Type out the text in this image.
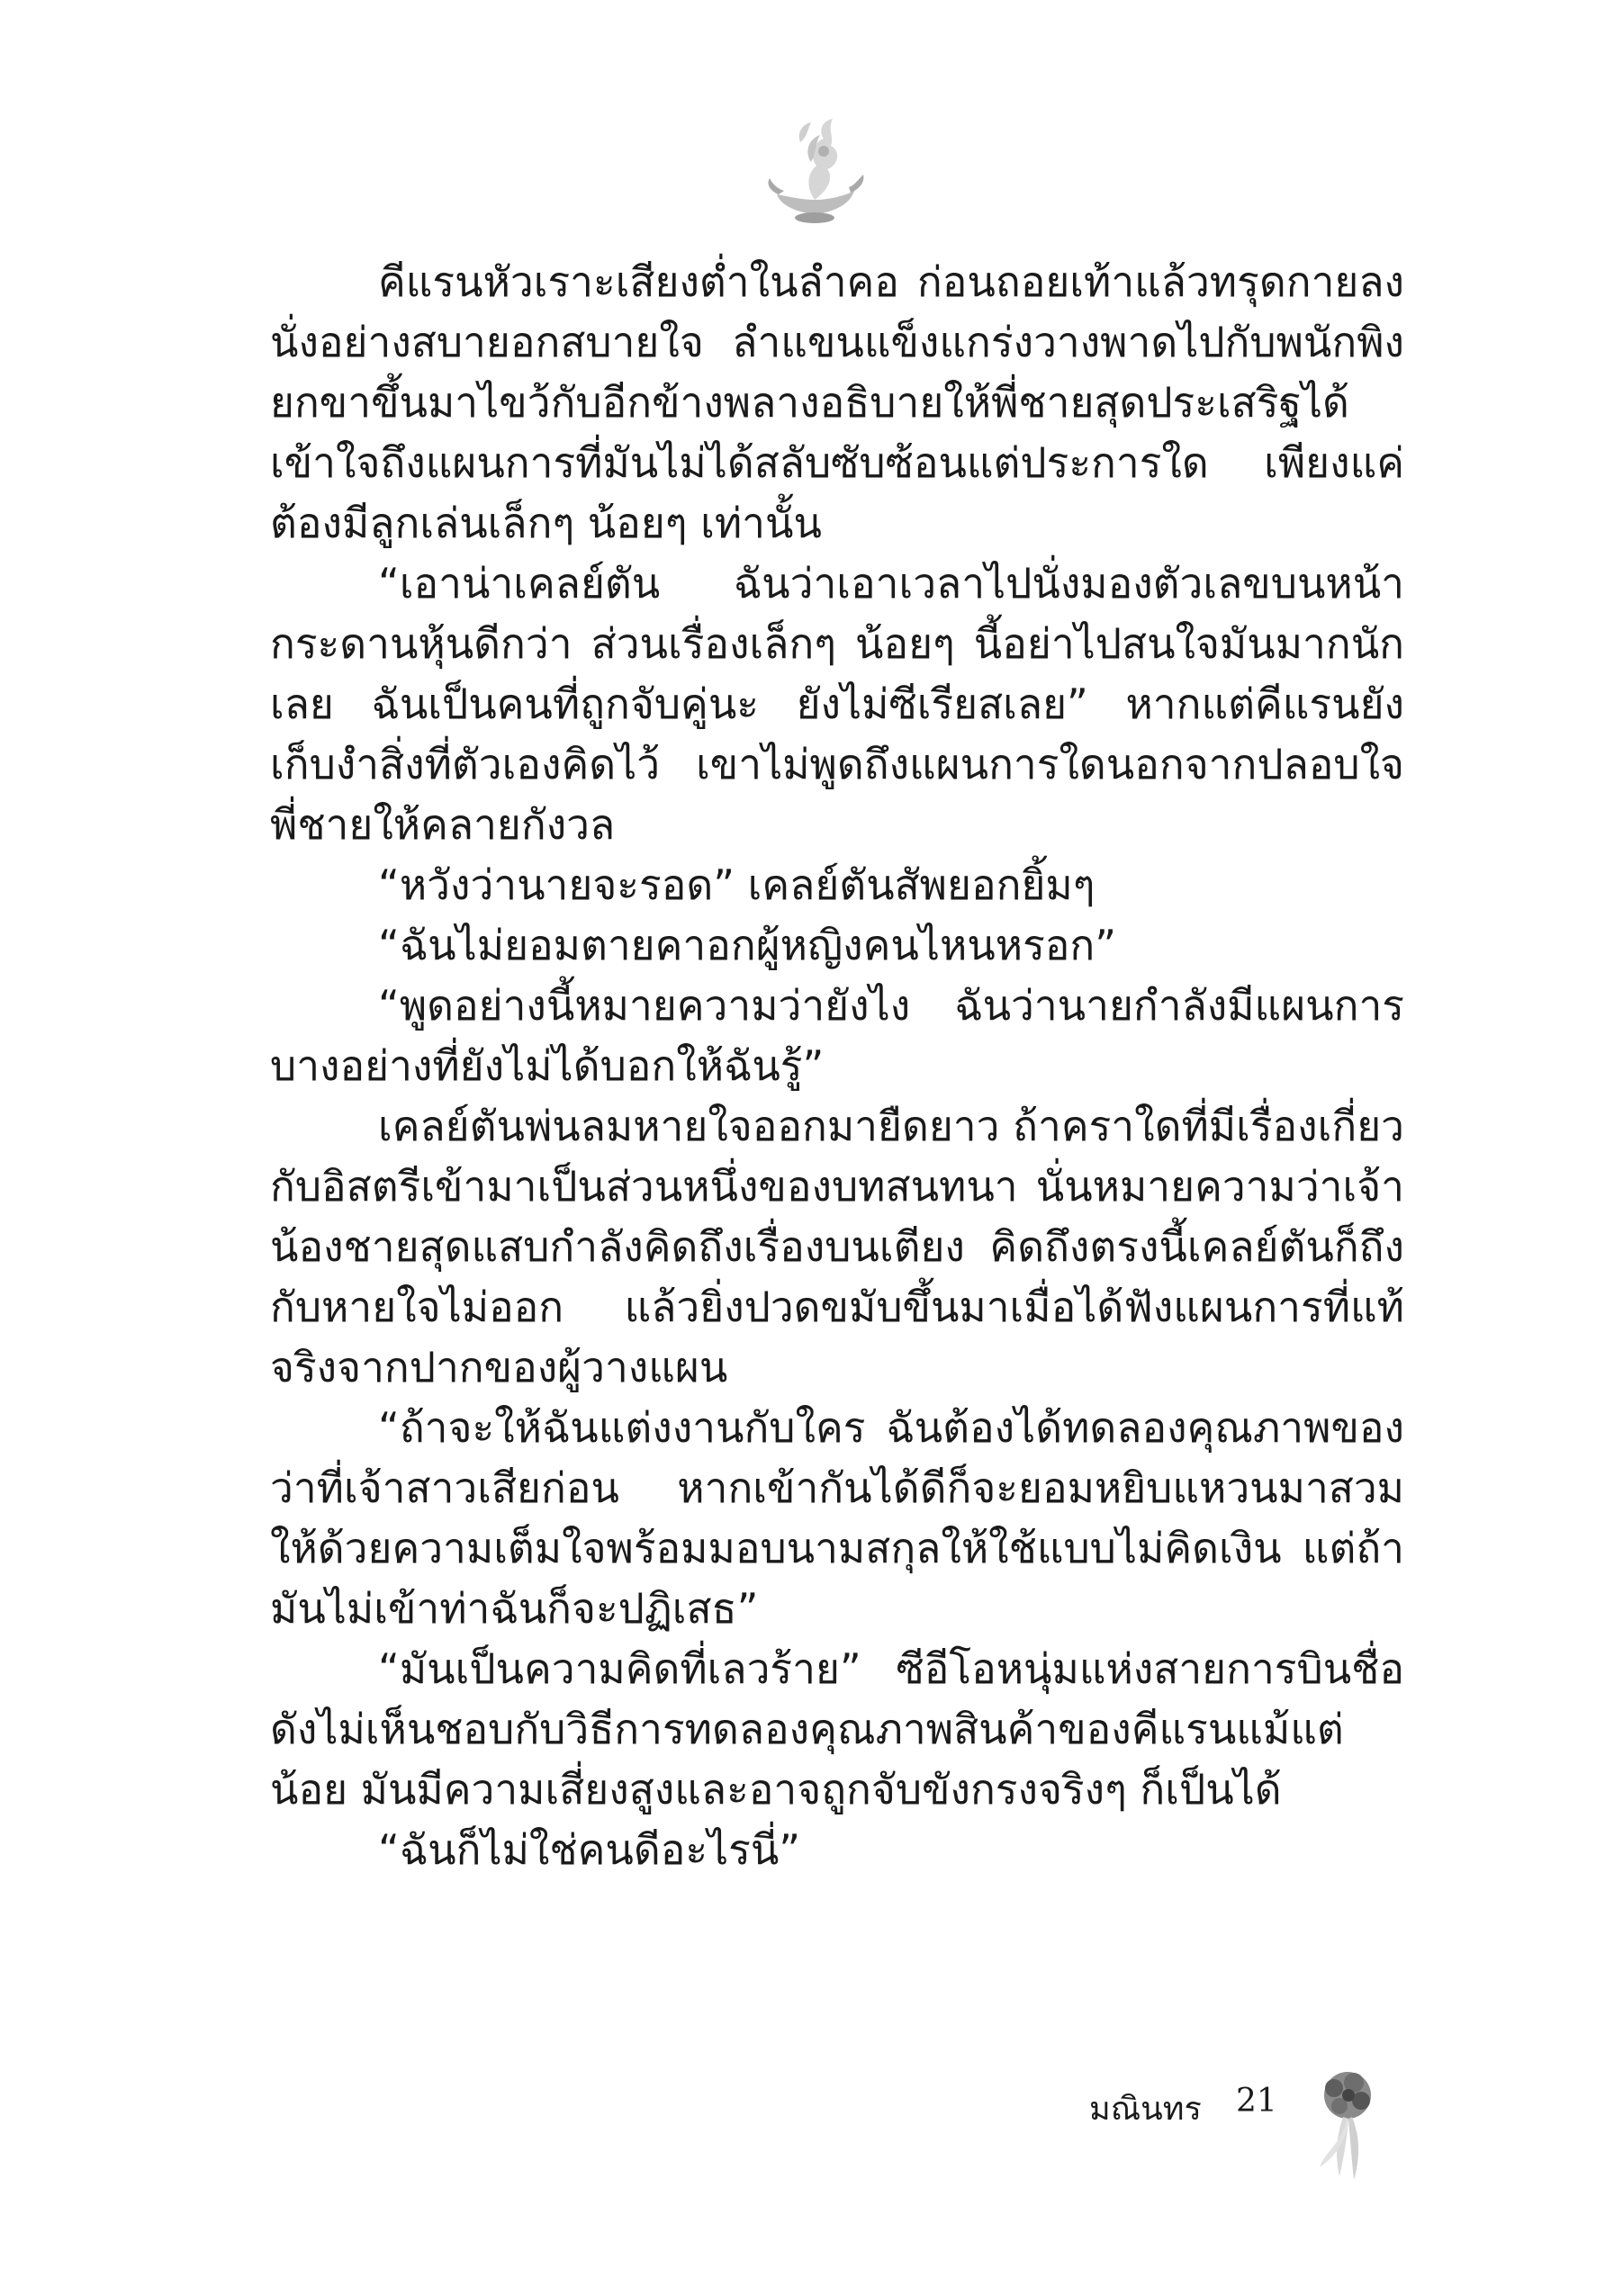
คีแรนหัวเราะเสียงต่ำในลำคอ ก่อนถอยเท้าแล้วทรุดกายลงนั่งอย่างสบายอกสบายใจ ลำแขนแข็งแกร่งวางพาดไปกับพนักพิง ยกขาขึ้นมาไขว้กับอีกข้างพลางอธิบายให้พี่ชายสุดประเสริฐได้เข้าใจถึงแผนการที่มันไม่ได้สลับซับซ้อนแต่ประการใด เพียงแค่ต้องมีลูกเล่นเล็กๆ น้อยๆ เท่านั้น

“เอาน่าเคลย์ตัน ฉันว่าเอาเวลาไปนั่งมองตัวเลขบนหน้ากระดานหุ้นดีกว่า ส่วนเรื่องเล็กๆ น้อยๆ นี้อย่าไปสนใจมันมากนักเลย ฉันเป็นคนที่ถูกจับคู่นะ ยังไม่ซีเรียสเลย” หากแต่คีแรนยังเก็บงำสิ่งที่ตัวเองคิดไว้ เขาไม่พูดถึงแผนการใดนอกจากปลอบใจพี่ชายให้คลายกังวล

“หวังว่านายจะรอด” เคลย์ตันสัพยอกยิ้มๆ

“ฉันไม่ยอมตายคาอกผู้หญิงคนไหนหรอก”

“พูดอย่างนี้หมายความว่ายังไง ฉันว่านายกำลังมีแผนการบางอย่างที่ยังไม่ได้บอกให้ฉันรู้”

เคลย์ตันพ่นลมหายใจออกมายืดยาว ถ้าคราใดที่มีเรื่องเกี่ยวกับอิสตรีเข้ามาเป็นส่วนหนึ่งของบทสนทนา นั่นหมายความว่าเจ้าน้องชายสุดแสบกำลังคิดถึงเรื่องบนเตียง คิดถึงตรงนี้เคลย์ตันก็ถึงกับหายใจไม่ออก แล้วยิ่งปวดขมับขึ้นมาเมื่อได้ฟังแผนการที่แท้จริงจากปากของผู้วางแผน

“ถ้าจะให้ฉันแต่งงานกับใคร ฉันต้องได้ทดลองคุณภาพของว่าที่เจ้าสาวเสียก่อน หากเข้ากันได้ดีก็จะยอมหยิบแหวนมาสวมให้ด้วยความเต็มใจพร้อมมอบนามสกุลให้ใช้แบบไม่คิดเงิน แต่ถ้ามันไม่เข้าท่าฉันก็จะปฏิเสธ”

“มันเป็นความคิดที่เลวร้าย” ซีอีโอหนุ่มแห่งสายการบินชื่อดังไม่เห็นชอบกับวิธีการทดลองคุณภาพสินค้าของคีแรนแม้แต่น้อย มันมีความเสี่ยงสูงและอาจถูกจับขังกรงจริงๆ ก็เป็นได้

“ฉันก็ไม่ใช่คนดีอะไรนี่”

มณินทร 21
